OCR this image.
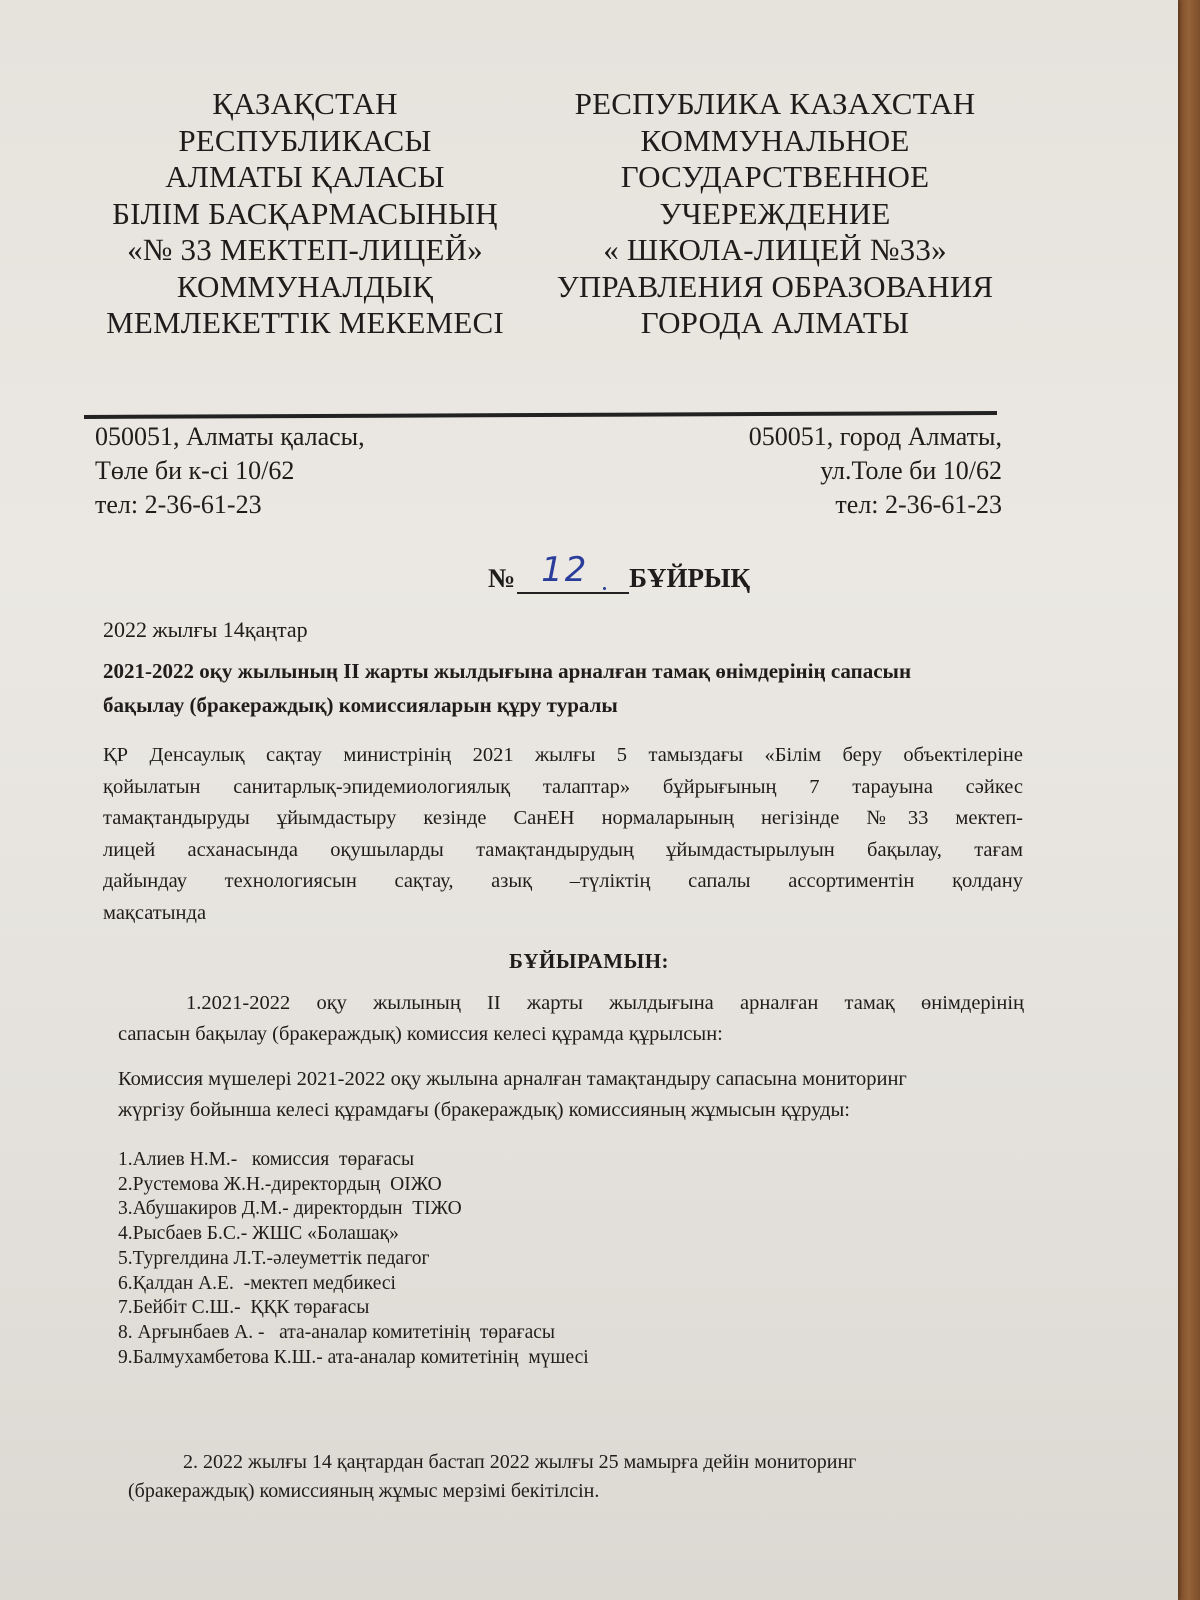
ҚАЗАҚСТАН
РЕСПУБЛИКАСЫ
АЛМАТЫ ҚАЛАСЫ
БІЛІМ БАСҚАРМАСЫНЫҢ
«№ 33 МЕКТЕП-ЛИЦЕЙ»
КОММУНАЛДЫҚ
МЕМЛЕКЕТТІК МЕКЕМЕСІ
РЕСПУБЛИКА КАЗАХСТАН
КОММУНАЛЬНОЕ
ГОСУДАРСТВЕННОЕ
УЧЕРЕЖДЕНИЕ
« ШКОЛА-ЛИЦЕЙ №33»
УПРАВЛЕНИЯ ОБРАЗОВАНИЯ
ГОРОДА АЛМАТЫ
050051, Алматы қаласы,
Төле би к-сі 10/62
тел: 2-36-61-23
050051, город Алматы,
ул.Толе би 10/62
тел: 2-36-61-23
№ 12 БҰЙРЫҚ
2022 жылғы 14қаңтар
2021-2022 оқу жылының ІІ жарты жылдығына арналған тамақ өнімдерінің сапасын
бақылау (бракераждық) комиссияларын құру туралы
ҚР Денсаулық сақтау министрінің 2021 жылғы 5 тамыздағы «Білім беру объектілеріне
қойылатын санитарлық-эпидемиологиялық талаптар» бұйрығының 7 тарауына сәйкес
тамақтандыруды ұйымдастыру кезінде СанЕН нормаларының негізінде №33 мектеп-
лицей асханасында оқушыларды тамақтандырудың ұйымдастырылуын бақылау, тағам
дайындау технологиясын сақтау, азық –түліктің сапалы ассортиментін қолдану
мақсатында
БҰЙЫРАМЫН:
1.2021-2022 оқу жылының ІІ жарты жылдығына арналған тамақ өнімдерінің
сапасын бақылау (бракераждық) комиссия келесі құрамда құрылсын:
Комиссия мүшелері 2021-2022 оқу жылына арналған тамақтандыру сапасына мониторинг
жүргізу бойынша келесі құрамдағы (бракераждық) комиссияның жұмысын құруды:
1.Алиев Н.М.-   комиссия  төрағасы
2.Рустемова Ж.Н.-директордың  ОІЖО
3.Абушакиров Д.М.- директордын  ТІЖО
4.Рысбаев Б.С.- ЖШС «Болашақ»
5.Тургелдина Л.Т.-әлеуметтік педагог
6.Қалдан А.Е.  -мектеп медбикесі
7.Бейбіт С.Ш.-  ҚҚК төрағасы
8. Арғынбаев А. -   ата-аналар комитетінің  төрағасы
9.Балмухамбетова К.Ш.- ата-аналар комитетінің  мүшесі
2. 2022 жылғы 14 қаңтардан бастап 2022 жылғы 25 мамырға дейін мониторинг
(бракераждық) комиссияның жұмыс мерзімі бекітілсін.
